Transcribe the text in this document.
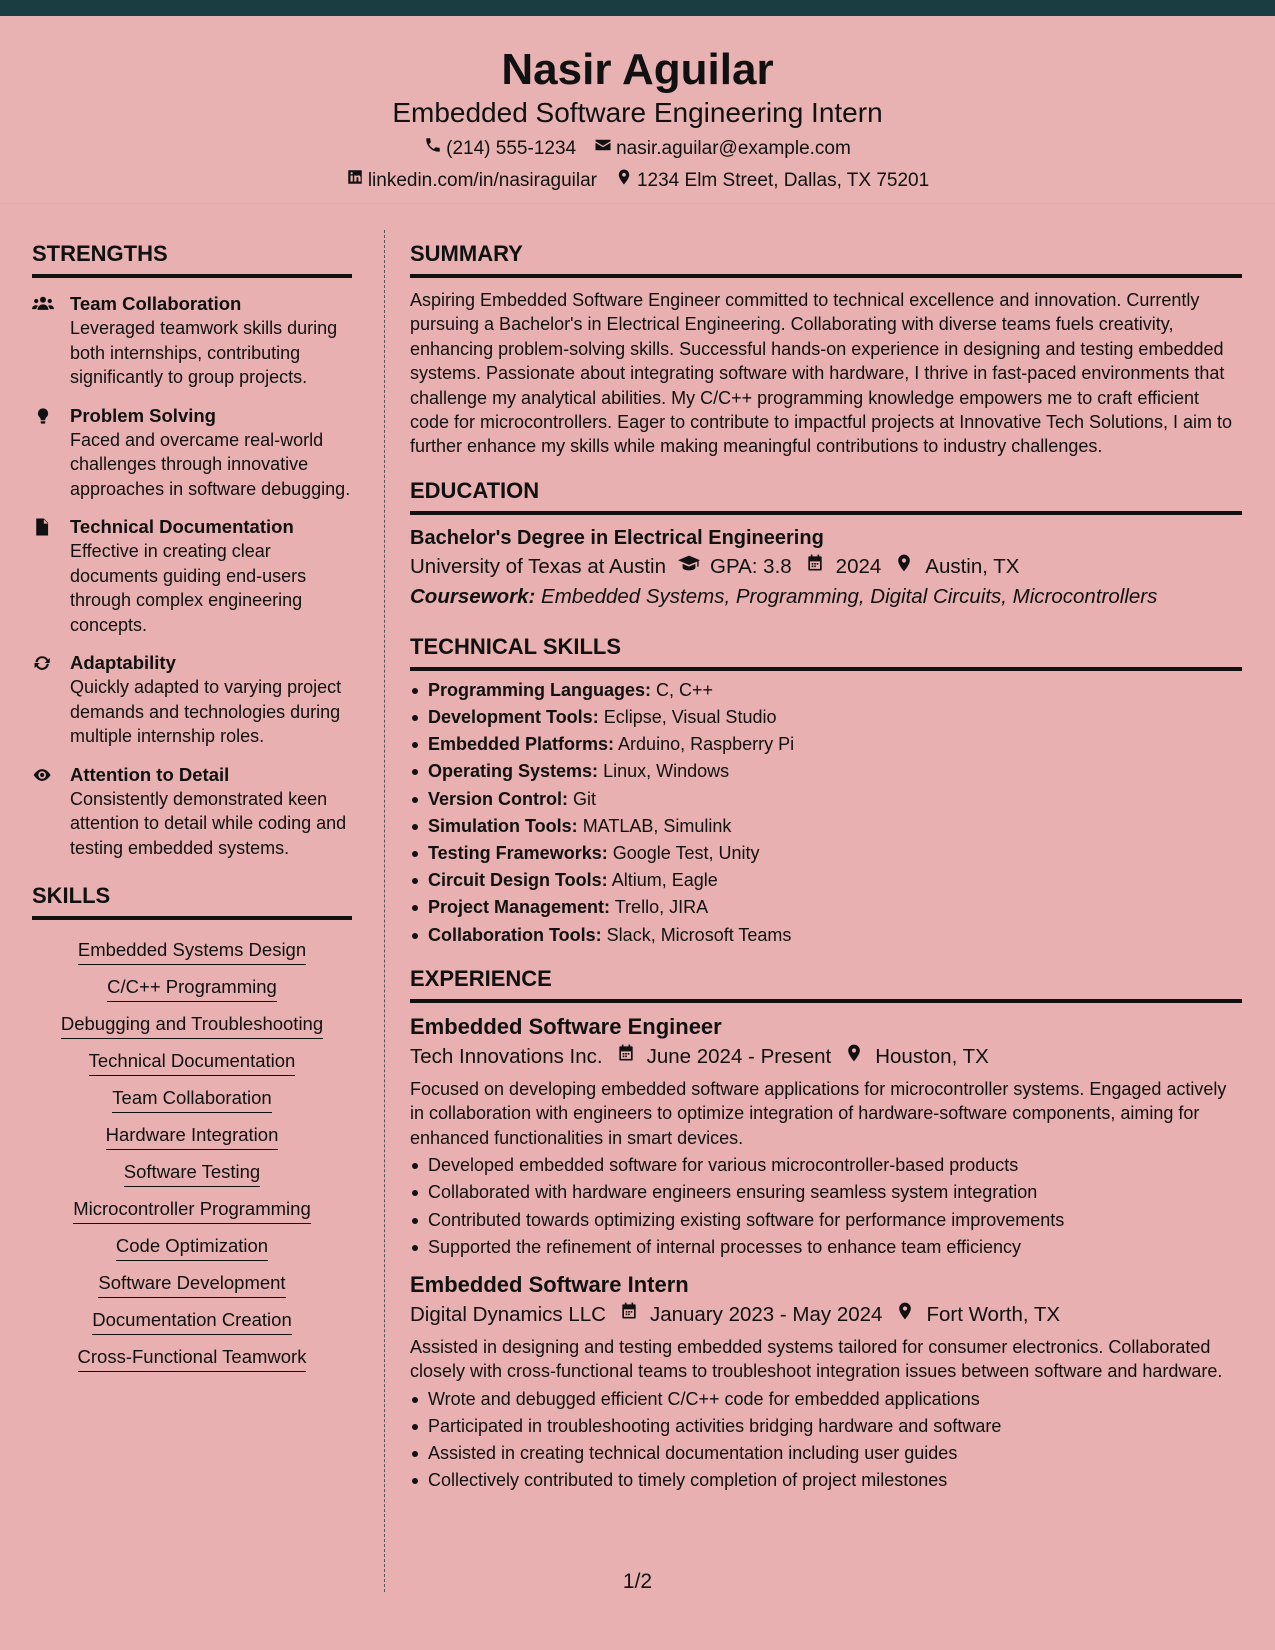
Nasir Aguilar
Embedded Software Engineering Intern
(214) 555-1234 nasir.aguilar@example.com
linkedin.com/in/nasiraguilar 1234 Elm Street, Dallas, TX 75201
STRENGTHS
Team Collaboration
Leveraged teamwork skills during both internships, contributing significantly to group projects.
Problem Solving
Faced and overcame real-world challenges through innovative approaches in software debugging.
Technical Documentation
Effective in creating clear documents guiding end-users through complex engineering concepts.
Adaptability
Quickly adapted to varying project demands and technologies during multiple internship roles.
Attention to Detail
Consistently demonstrated keen attention to detail while coding and testing embedded systems.
SKILLS
Embedded Systems Design
C/C++ Programming
Debugging and Troubleshooting
Technical Documentation
Team Collaboration
Hardware Integration
Software Testing
Microcontroller Programming
Code Optimization
Software Development
Documentation Creation
Cross-Functional Teamwork
SUMMARY
Aspiring Embedded Software Engineer committed to technical excellence and innovation. Currently pursuing a Bachelor's in Electrical Engineering. Collaborating with diverse teams fuels creativity, enhancing problem-solving skills. Successful hands-on experience in designing and testing embedded systems. Passionate about integrating software with hardware, I thrive in fast-paced environments that challenge my analytical abilities. My C/C++ programming knowledge empowers me to craft efficient code for microcontrollers. Eager to contribute to impactful projects at Innovative Tech Solutions, I aim to further enhance my skills while making meaningful contributions to industry challenges.
EDUCATION
Bachelor's Degree in Electrical Engineering
University of Texas at Austin GPA: 3.8 2024 Austin, TX
Coursework: Embedded Systems, Programming, Digital Circuits, Microcontrollers
TECHNICAL SKILLS
Programming Languages: C, C++
Development Tools: Eclipse, Visual Studio
Embedded Platforms: Arduino, Raspberry Pi
Operating Systems: Linux, Windows
Version Control: Git
Simulation Tools: MATLAB, Simulink
Testing Frameworks: Google Test, Unity
Circuit Design Tools: Altium, Eagle
Project Management: Trello, JIRA
Collaboration Tools: Slack, Microsoft Teams
EXPERIENCE
Embedded Software Engineer
Tech Innovations Inc. June 2024 - Present Houston, TX
Focused on developing embedded software applications for microcontroller systems. Engaged actively in collaboration with engineers to optimize integration of hardware-software components, aiming for enhanced functionalities in smart devices.
Developed embedded software for various microcontroller-based products
Collaborated with hardware engineers ensuring seamless system integration
Contributed towards optimizing existing software for performance improvements
Supported the refinement of internal processes to enhance team efficiency
Embedded Software Intern
Digital Dynamics LLC January 2023 - May 2024 Fort Worth, TX
Assisted in designing and testing embedded systems tailored for consumer electronics. Collaborated closely with cross-functional teams to troubleshoot integration issues between software and hardware.
Wrote and debugged efficient C/C++ code for embedded applications
Participated in troubleshooting activities bridging hardware and software
Assisted in creating technical documentation including user guides
Collectively contributed to timely completion of project milestones
1/2
